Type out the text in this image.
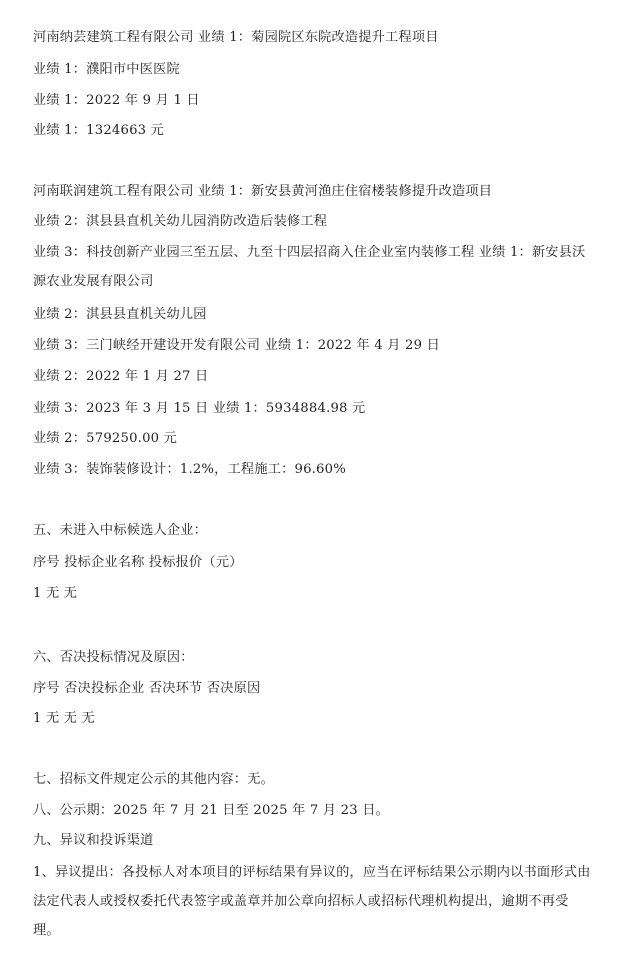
河南纳芸建筑工程有限公司 业绩 1：菊园院区东院改造提升工程项目
业绩 1：濮阳市中医医院
业绩 1：2022 年 9 月 1 日
业绩 1：1324663 元
河南联润建筑工程有限公司 业绩 1：新安县黄河渔庄住宿楼装修提升改造项目
业绩 2：淇县县直机关幼儿园消防改造后装修工程
业绩 3：科技创新产业园三至五层、九至十四层招商入住企业室内装修工程 业绩 1：新安县沃源农业发展有限公司
业绩 2：淇县县直机关幼儿园
业绩 3：三门峡经开建设开发有限公司 业绩 1：2022 年 4 月 29 日
业绩 2：2022 年 1 月 27 日
业绩 3：2023 年 3 月 15 日 业绩 1：5934884.98 元
业绩 2：579250.00 元
业绩 3：装饰装修设计：1.2%，工程施工：96.60%
五、未进入中标候选人企业：
序号 投标企业名称 投标报价（元）
1 无 无
六、否决投标情况及原因：
序号 否决投标企业 否决环节 否决原因
1 无 无 无
七、招标文件规定公示的其他内容：无。
八、公示期：2025 年 7 月 21 日至 2025 年 7 月 23 日。
九、异议和投诉渠道
1、异议提出：各投标人对本项目的评标结果有异议的，应当在评标结果公示期内以书面形式由法定代表人或授权委托代表签字或盖章并加公章向招标人或招标代理机构提出，逾期不再受理。
